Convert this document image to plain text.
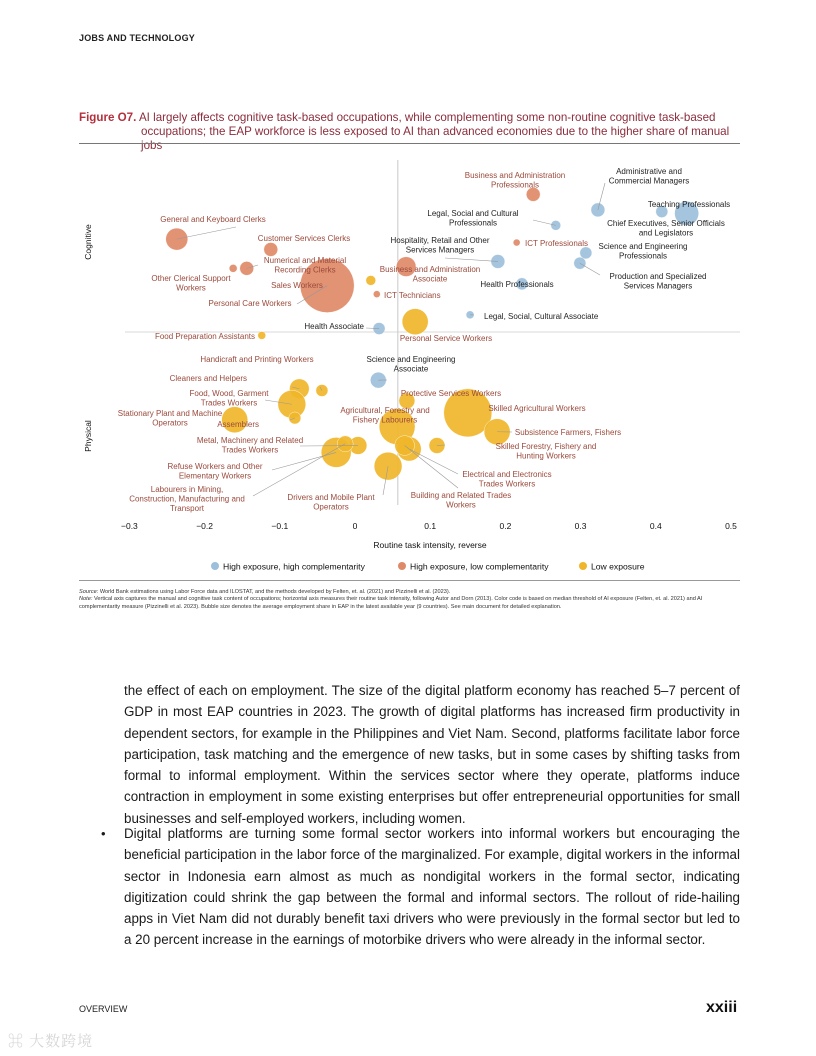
JOBS AND TECHNOLOGY
Figure O7. AI largely affects cognitive task-based occupations, while complementing some non-routine cognitive task-based
occupations; the EAP workforce is less exposed to AI than advanced economies due to the higher share of manual jobs
General and Keyboard Clerks
Customer Services Clerks
Numerical and Material Recording Clerks
Other Clerical Support Workers
Personal Care Workers
Business and Administration Associate
ICT Technicians
Business and Administration Professionals
ICT Professionals
Sales Workers
Health Associate
Hospitality, Retail and Other Services Managers
Legal, Social and Cultural Professionals
Health Professionals
Legal, Social, Cultural Associate
Administrative and Commercial Managers
Teaching Professionals
Chief Executives, Senior Officials and Legislators
Science and Engineering Professionals
Production and Specialized Services Managers
Science and Engineering Associate
Food Preparation Assistants	Personal Service Workers
Handicraft and Printing Workers
Cleaners and Helpers
Food, Wood, Garment Trades Workers
Stationary Plant and Machine Operators	Assemblers
Metal, Machinery and Related Trades Workers
Refuse Workers and Other Elementary Workers
Labourers in Mining, Construction, Manufacturing and Transport
Drivers and Mobile Plant Operators
Agricultural, Forestry and Fishery Labourers
Protective Services Workers
Skilled Agricultural Workers
Subsistence Farmers, Fishers
Skilled Forestry, Fishery and Hunting Workers
Electrical and Electronics Trades Workers
Building and Related Trades Workers
−0.3	−0.2	−0.1	0	0.1	0.2	0.3	0.4	0.5
Routine task intensity, reverse
Cognitive
Physical
High exposure, high complementarity	High exposure, low complementarity	Low exposure
Source: World Bank estimations using Labor Force data and ILOSTAT, and the methods developed by Felten, et. al. (2021) and Pizzinelli et al. (2023).
Note: Vertical axis captures the manual and cognitive task content of occupations; horizontal axis measures their routine task intensity, following Autor and Dorn (2013). Color code is based on median threshold of AI exposure (Felten, et. al. 2021) and AI complementarity measure (Pizzinelli et al. 2023). Bubble size denotes the average employment share in EAP in the latest available year (9 countries). See main document for detailed explanation.
the effect of each on employment. The size of the digital platform economy has reached 5–7 percent of GDP in most EAP countries in 2023. The growth of digital platforms has increased firm productivity in dependent sectors, for example in the Philippines and Viet Nam. Second, platforms facilitate labor force participation, task matching and the emergence of new tasks, but in some cases by shifting tasks from formal to informal employment. Within the services sector where they operate, platforms induce contraction in employment in some existing enterprises but offer entrepreneurial opportunities for small businesses and self-employed workers, including women.
• Digital platforms are turning some formal sector workers into informal workers but encouraging the beneficial participation in the labor force of the marginalized. For example, digital workers in the informal sector in Indonesia earn almost as much as nondigital workers in the formal sector, indicating digitization could shrink the gap between the formal and informal sectors. The rollout of ride-hailing apps in Viet Nam did not durably benefit taxi drivers who were previously in the formal sector but led to a 20 percent increase in the earnings of motorbike drivers who were already in the informal sector.
OVERVIEW	xxiii
⌘ 大数跨境
